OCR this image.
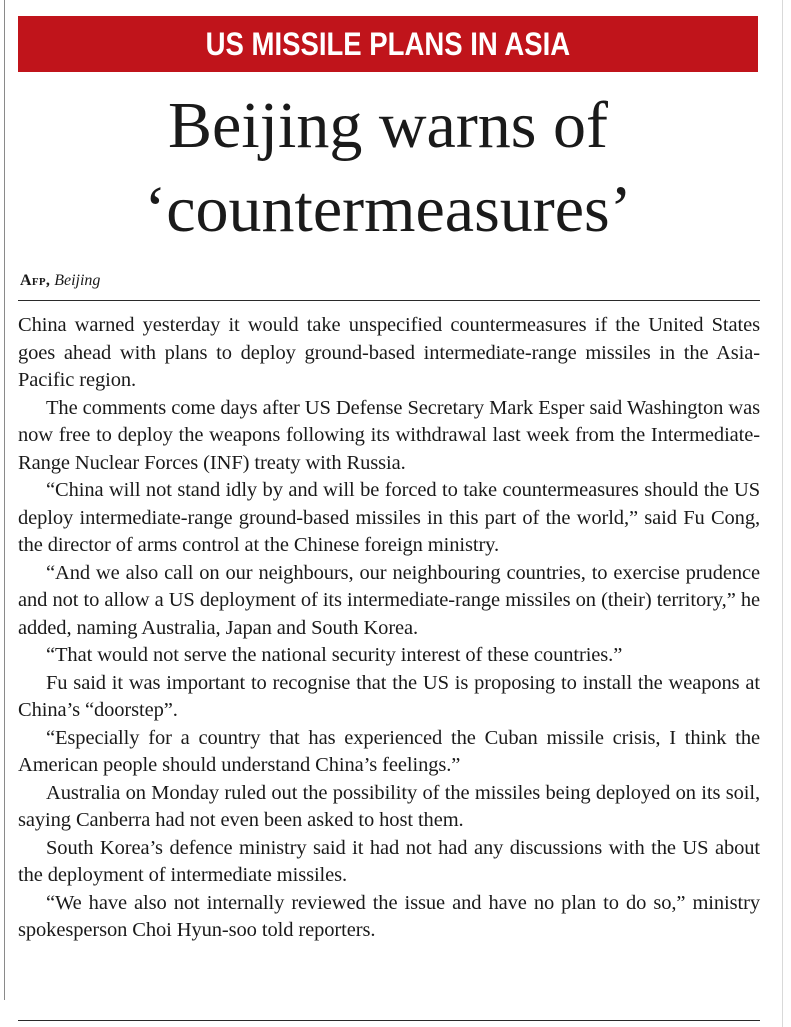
US MISSILE PLANS IN ASIA
Beijing warns of
‘countermeasures’
Afp, Beijing

China warned yesterday it would take unspecified countermeasures if the United States goes ahead with plans to deploy ground-based intermediate-range missiles in the Asia-Pacific region.

The comments come days after US Defense Secretary Mark Esper said Washington was now free to deploy the weapons following its withdrawal last week from the Intermediate-Range Nuclear Forces (INF) treaty with Russia.

“China will not stand idly by and will be forced to take countermeasures should the US deploy intermediate-range ground-based missiles in this part of the world,” said Fu Cong, the director of arms control at the Chinese foreign ministry.

“And we also call on our neighbours, our neighbouring countries, to exercise prudence and not to allow a US deployment of its intermediate-range missiles on (their) territory,” he added, naming Australia, Japan and South Korea.

“That would not serve the national security interest of these countries.”

Fu said it was important to recognise that the US is proposing to install the weapons at China’s “doorstep”.

“Especially for a country that has experienced the Cuban missile crisis, I think the American people should understand China’s feelings.”

Australia on Monday ruled out the possibility of the missiles being deployed on its soil, saying Canberra had not even been asked to host them.

South Korea’s defence ministry said it had not had any discussions with the US about the deployment of intermediate missiles.

“We have also not internally reviewed the issue and have no plan to do so,” ministry spokesperson Choi Hyun-soo told reporters.
